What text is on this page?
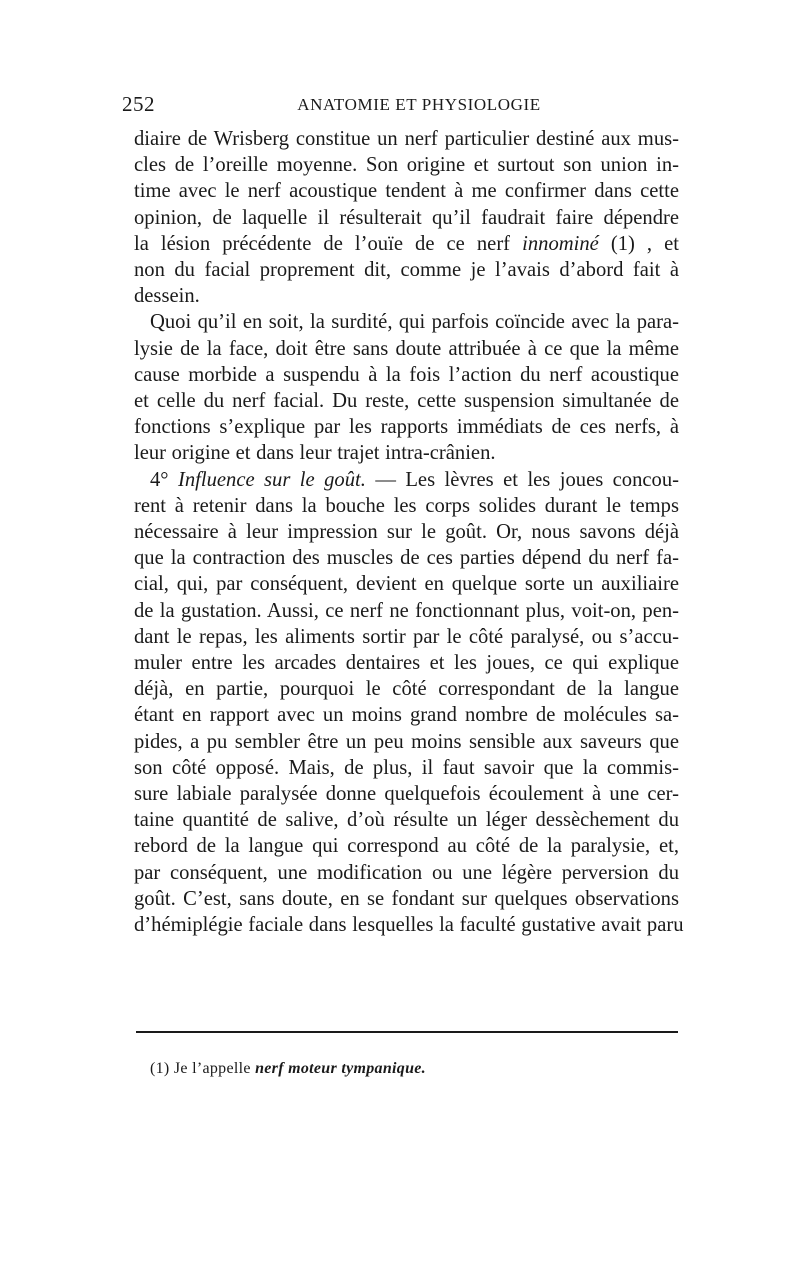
252	ANATOMIE ET PHYSIOLOGIE
diaire de Wrisberg constitue un nerf particulier destiné aux mus-
cles de l’oreille moyenne. Son origine et surtout son union in-
time avec le nerf acoustique tendent à me confirmer dans cette
opinion, de laquelle il résulterait qu’il faudrait faire dépendre
la lésion précédente de l’ouïe de ce nerf innominé (1) , et
non du facial proprement dit, comme je l’avais d’abord fait à
dessein.
Quoi qu’il en soit, la surdité, qui parfois coïncide avec la para-
lysie de la face, doit être sans doute attribuée à ce que la même
cause morbide a suspendu à la fois l’action du nerf acoustique
et celle du nerf facial. Du reste, cette suspension simultanée de
fonctions s’explique par les rapports immédiats de ces nerfs, à
leur origine et dans leur trajet intra-crânien.
4° Influence sur le goût. — Les lèvres et les joues concou-
rent à retenir dans la bouche les corps solides durant le temps
nécessaire à leur impression sur le goût. Or, nous savons déjà
que la contraction des muscles de ces parties dépend du nerf fa-
cial, qui, par conséquent, devient en quelque sorte un auxiliaire
de la gustation. Aussi, ce nerf ne fonctionnant plus, voit-on, pen-
dant le repas, les aliments sortir par le côté paralysé, ou s’accu-
muler entre les arcades dentaires et les joues, ce qui explique
déjà, en partie, pourquoi le côté correspondant de la langue
étant en rapport avec un moins grand nombre de molécules sa-
pides, a pu sembler être un peu moins sensible aux saveurs que
son côté opposé. Mais, de plus, il faut savoir que la commis-
sure labiale paralysée donne quelquefois écoulement à une cer-
taine quantité de salive, d’où résulte un léger dessèchement du
rebord de la langue qui correspond au côté de la paralysie, et,
par conséquent, une modification ou une légère perversion du
goût. C’est, sans doute, en se fondant sur quelques observations
d’hémiplégie faciale dans lesquelles la faculté gustative avait paru
(1) Je l’appelle nerf moteur tympanique.
